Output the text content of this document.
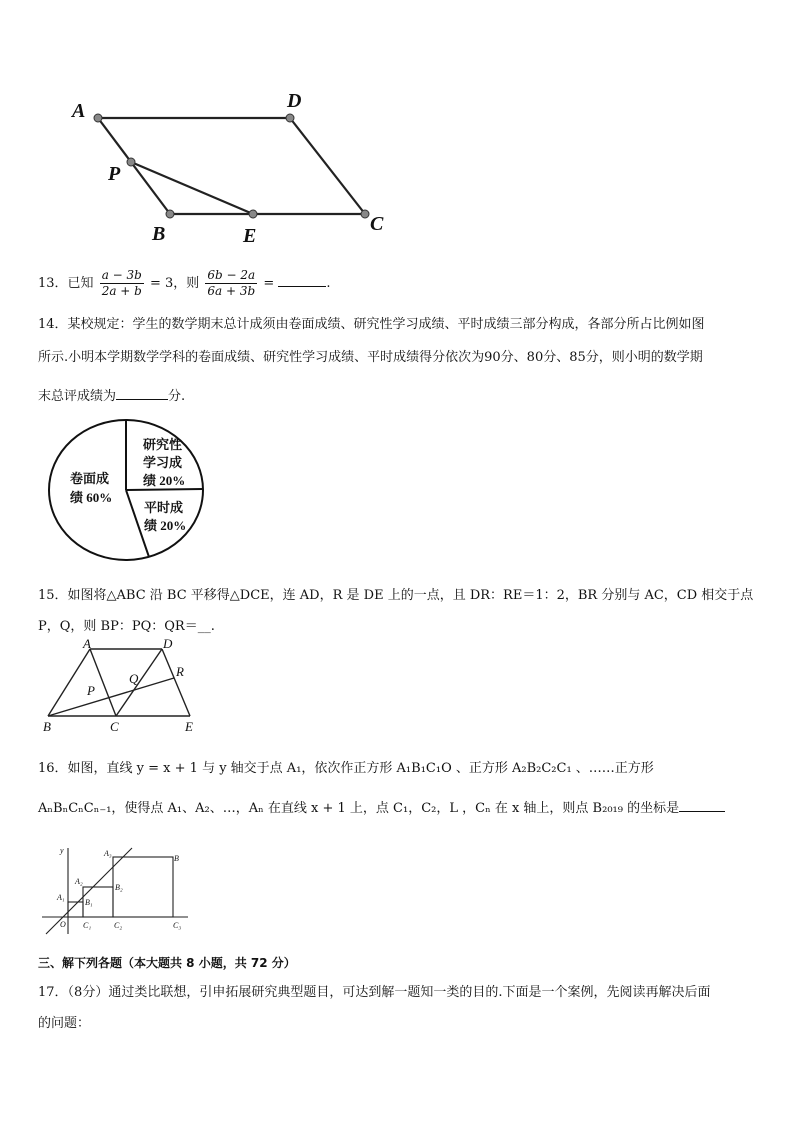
A	D
P
B	E
C
13．已知 $\frac{a - 3b}{2a + b} = 3$，则 $\frac{6b - 2a}{6a + 3b}$ =	.
14．某校规定：学生的数学期末总计成须由卷面成绩、研究性学习成绩、平时成绩三部分构成，各部分所占比例如图
所示.小明本学期数学学科的卷面成绩、研究性学习成绩、平时成绩得分依次为90分、80分、85分，则小明的数学期
末总评成绩为	分.
卷面成
绩 60%
研究性
学习成
绩 20%
平时成
绩 20%
15．如图将△ABC 沿 BC 平移得△DCE，连 AD，R 是 DE 上的一点，且 DR：RE＝1：2，BR 分别与 AC，CD 相交于点
P，Q，则 BP：PQ：QR＝__.
A	D
R
P
Q
B	C	E
16．如图，直线 y = x + 1 与 y 轴交于点 A₁，依次作正方形 A₁B₁C₁O 、正方形 A₂B₂C₂C₁ 、……正方形
AₙBₙCₙCₙ₋₁，使得点 A₁、A₂、…，Aₙ 在直线 x + 1 上，点 C₁，C₂，L ，Cₙ 在 x 轴上，则点 B₂₀₁₉ 的坐标是
y	A₃
B
A₂
B₂
A₁
B₁
O C₁	C₂	C₃
三、解下列各题（本大题共 8 小题，共 72 分）
17．（8分）通过类比联想，引申拓展研究典型题目，可达到解一题知一类的目的.下面是一个案例，先阅读再解决后面
的问题：
